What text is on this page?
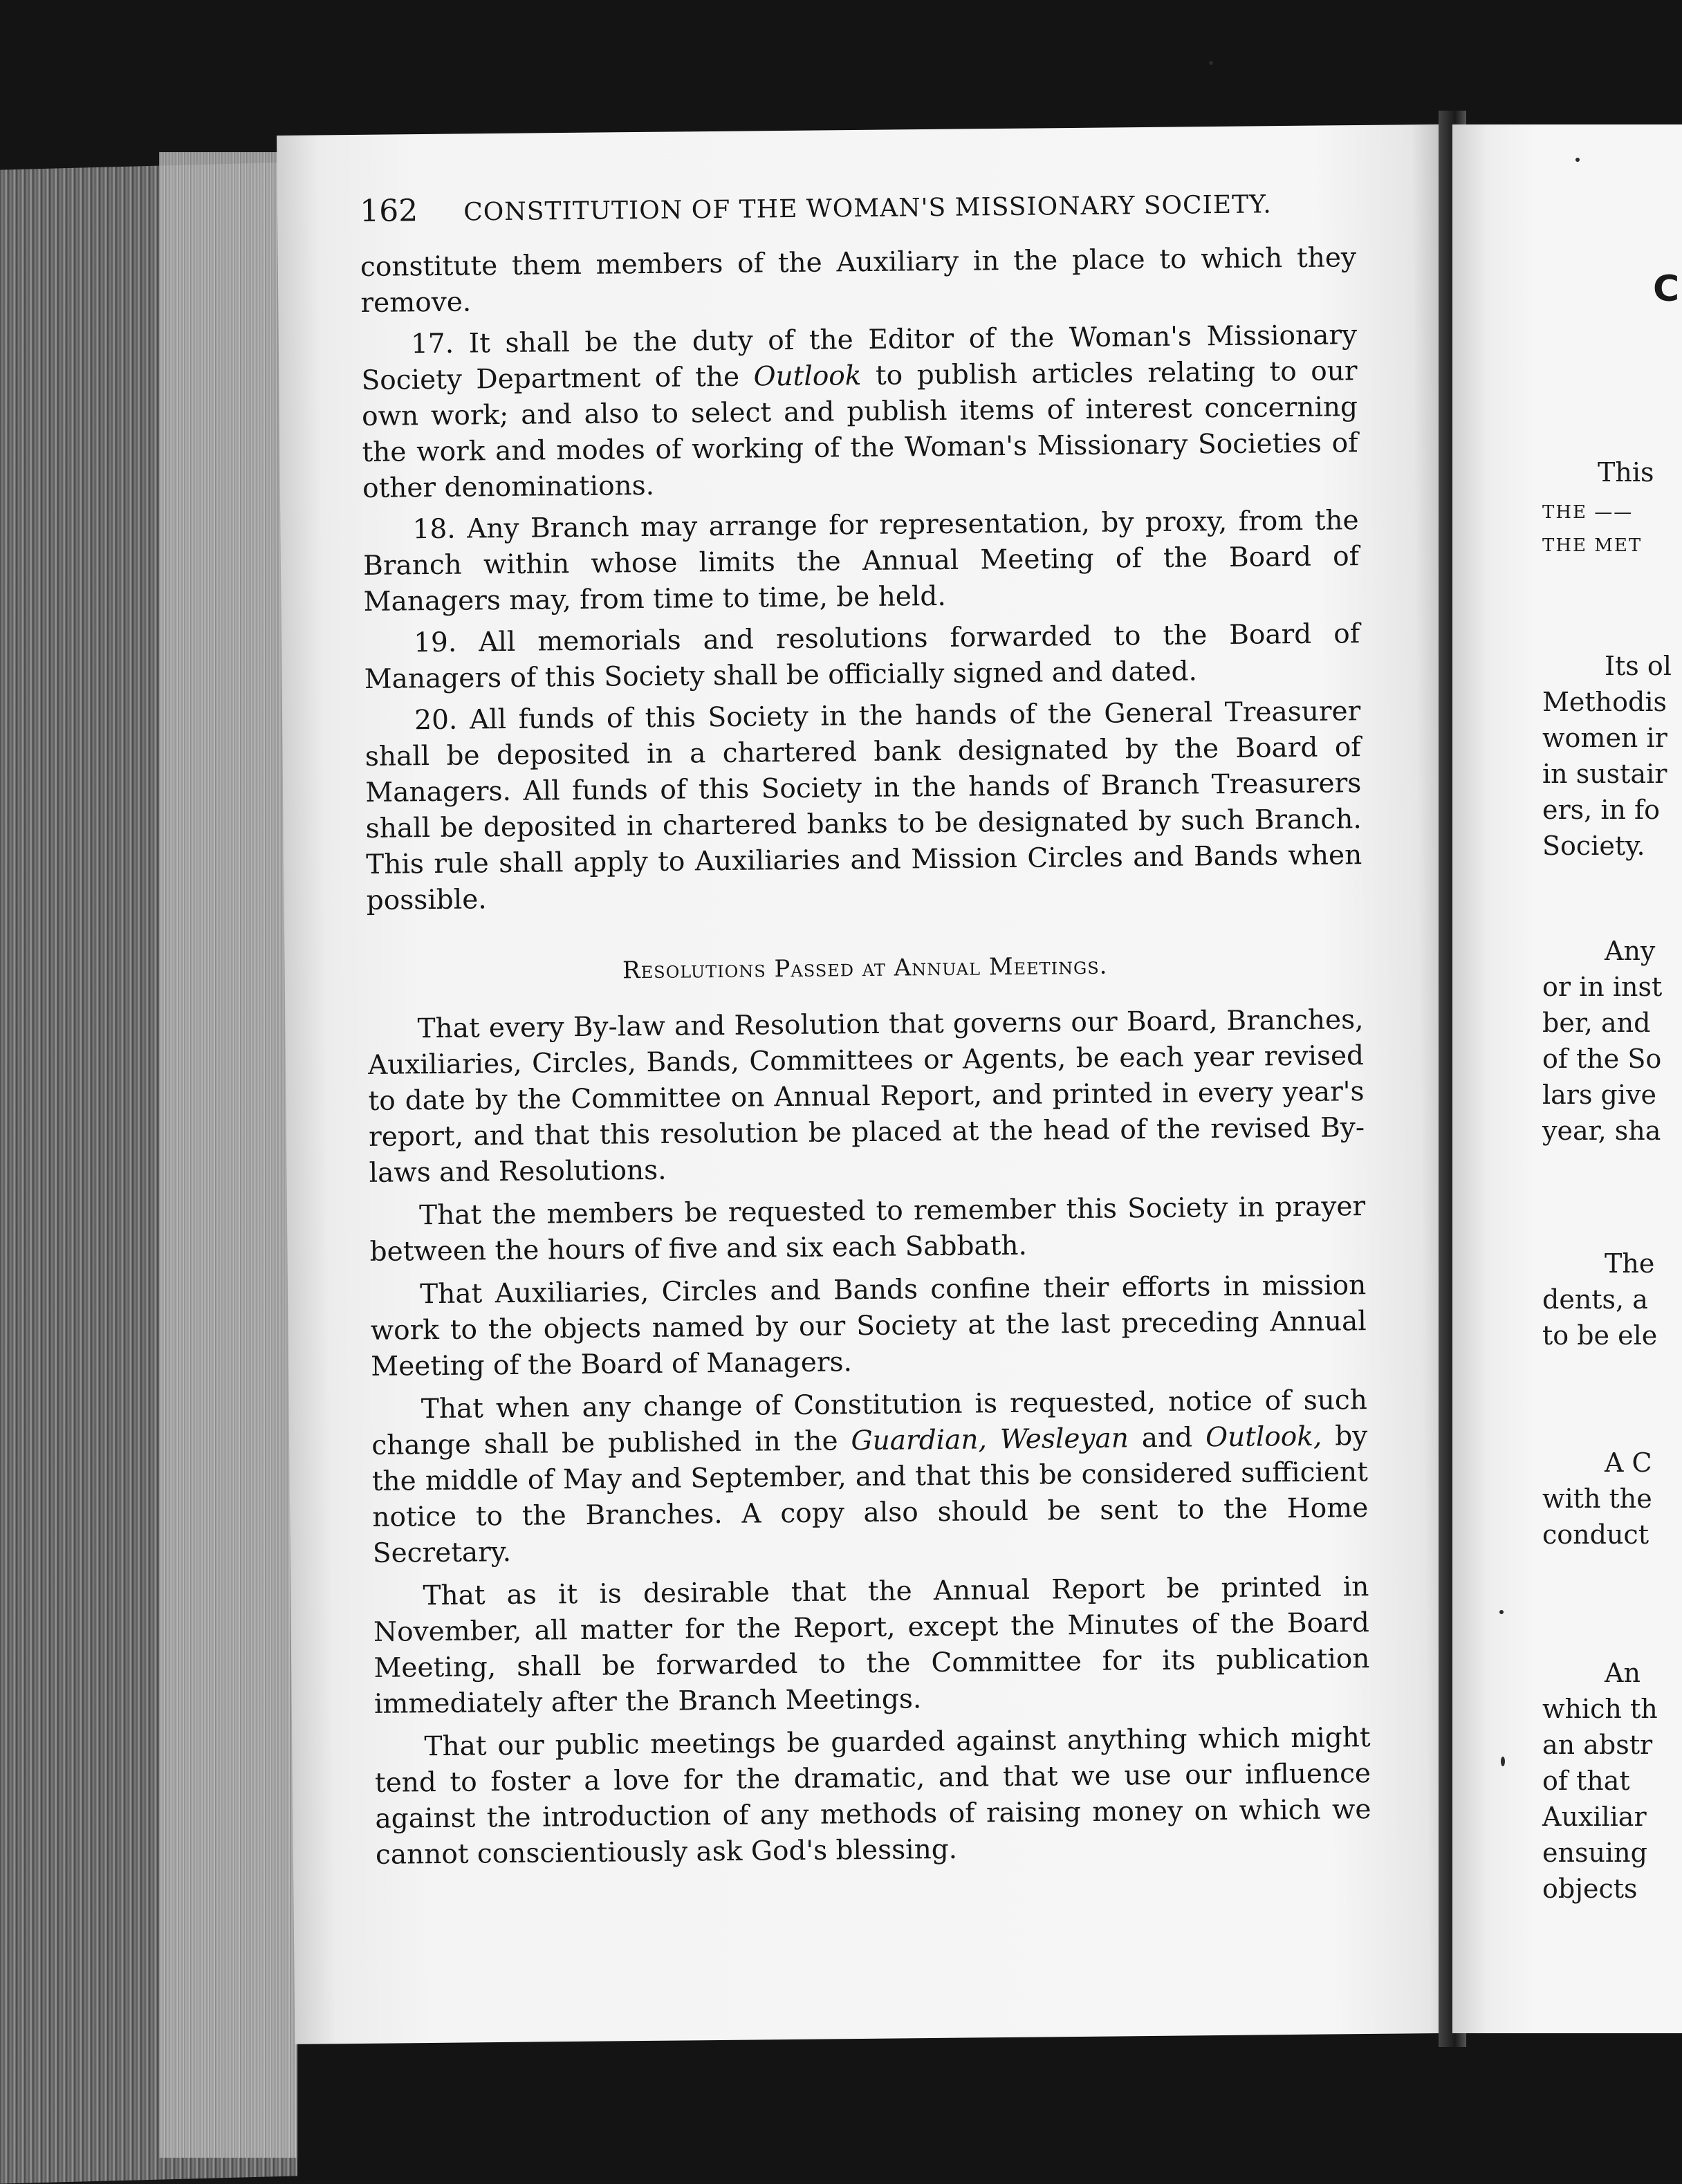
162	CONSTITUTION OF THE WOMAN'S MISSIONARY SOCIETY.

constitute them members of the Auxiliary in the place to which they remove.

17. It shall be the duty of the Editor of the Woman's Missionary Society Department of the Outlook to publish articles relating to our own work; and also to select and publish items of interest concerning the work and modes of working of the Woman's Missionary Societies of other denominations.

18. Any Branch may arrange for representation, by proxy, from the Branch within whose limits the Annual Meeting of the Board of Managers may, from time to time, be held.

19. All memorials and resolutions forwarded to the Board of Managers of this Society shall be officially signed and dated.

20. All funds of this Society in the hands of the General Treasurer shall be deposited in a chartered bank designated by the Board of Managers. All funds of this Society in the hands of Branch Treasurers shall be deposited in chartered banks to be designated by such Branch. This rule shall apply to Auxiliaries and Mission Circles and Bands when possible.

Resolutions Passed at Annual Meetings.

That every By-law and Resolution that governs our Board, Branches, Auxiliaries, Circles, Bands, Committees or Agents, be each year revised to date by the Committee on Annual Report, and printed in every year's report, and that this resolution be placed at the head of the revised By-laws and Resolutions.

That the members be requested to remember this Society in prayer between the hours of five and six each Sabbath.

That Auxiliaries, Circles and Bands confine their efforts in mission work to the objects named by our Society at the last preceding Annual Meeting of the Board of Managers.

That when any change of Constitution is requested, notice of such change shall be published in the Guardian, Wesleyan and Outlook, by the middle of May and September, and that this be considered sufficient notice to the Branches. A copy also should be sent to the Home Secretary.

That as it is desirable that the Annual Report be printed in November, all matter for the Report, except the Minutes of the Board Meeting, shall be forwarded to the Committee for its publication immediately after the Branch Meetings.

That our public meetings be guarded against anything which might tend to foster a love for the dramatic, and that we use our influence against the introduction of any methods of raising money on which we cannot conscientiously ask God's blessing.

C
This
THE ——
THE MET
Its ol
Methodis
women ir
in sustair
ers, in fo
Society.
Any
or in inst
ber, and
of the So
lars give
year, sha
The
dents, a
to be ele
A C
with the
conduct
An
which th
an abstr
of that
Auxiliar
ensuing
objects
